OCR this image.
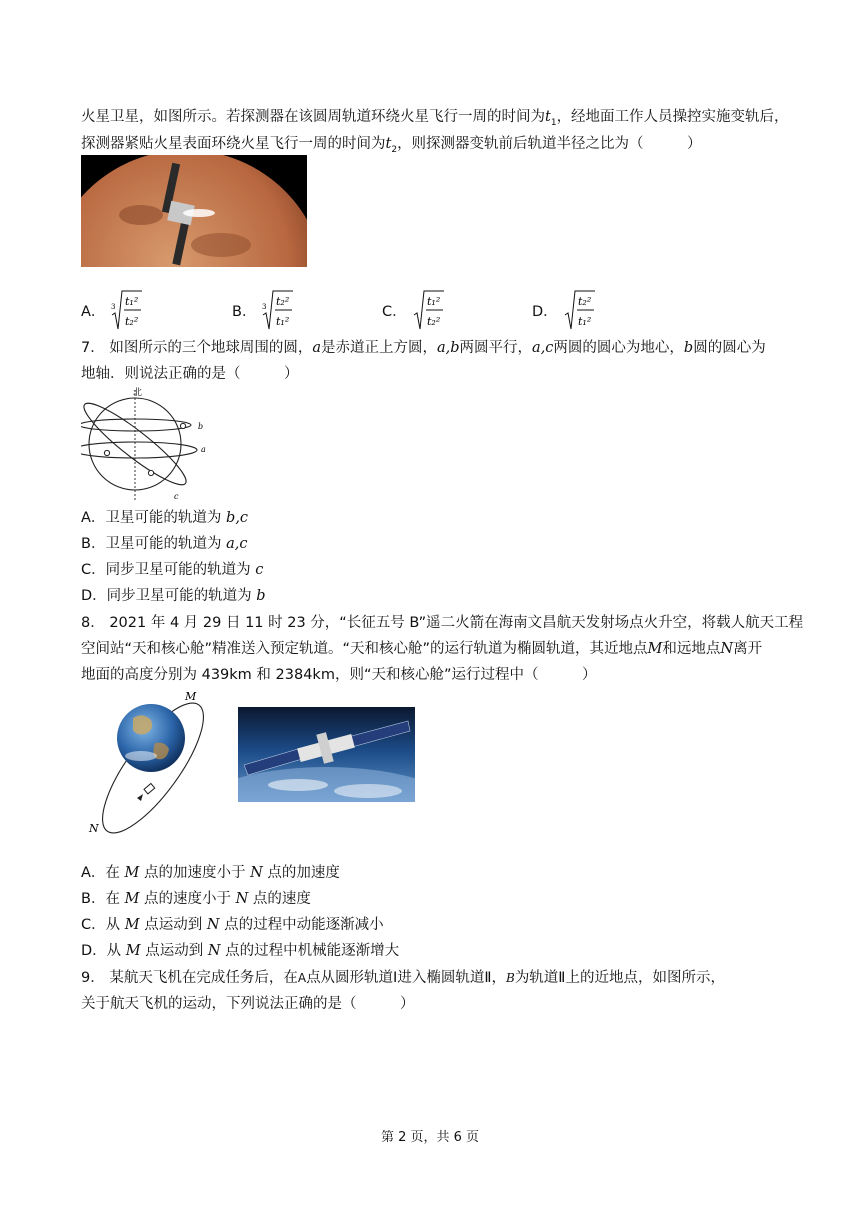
火星卫星，如图所示。若探测器在该圆周轨道环绕火星飞行一周的时间为$t_1$，经地面工作人员操控实施变轨后，
探测器紧贴火星表面环绕火星飞行一周的时间为$t_2$，则探测器变轨前后轨道半径之比为（　　　）
A． 3 t₁²
t₂²
B． 3 t₂²
t₁²
C．
t₁²
t₂²
D．
t₂²
t₁²
7． 如图所示的三个地球周围的圆，a是赤道正上方圆，a,b两圆平行，a,c两圆的圆心为地心，b圆的圆心为
地轴．则说法正确的是（　　　）
北
b
a
c
A．卫星可能的轨道为 b,c
B．卫星可能的轨道为 a,c
C．同步卫星可能的轨道为 c
D．同步卫星可能的轨道为 b
8． 2021 年 4 月 29 日 11 时 23 分，“长征五号 B”遥二火箭在海南文昌航天发射场点火升空，将载人航天工程
空间站“天和核心舱”精准送入预定轨道。“天和核心舱”的运行轨道为椭圆轨道，其近地点M和远地点N离开
地面的高度分别为 439km 和 2384km，则“天和核心舱”运行过程中（　　　）
M
N
A．在 M 点的加速度小于 N 点的加速度
B．在 M 点的速度小于 N 点的速度
C．从 M 点运动到 N 点的过程中动能逐渐减小
D．从 M 点运动到 N 点的过程中机械能逐渐增大
9． 某航天飞机在完成任务后，在A点从圆形轨道Ⅰ进入椭圆轨道Ⅱ，B为轨道Ⅱ上的近地点，如图所示，
关于航天飞机的运动，下列说法正确的是（　　　）
第 2 页，共 6 页
